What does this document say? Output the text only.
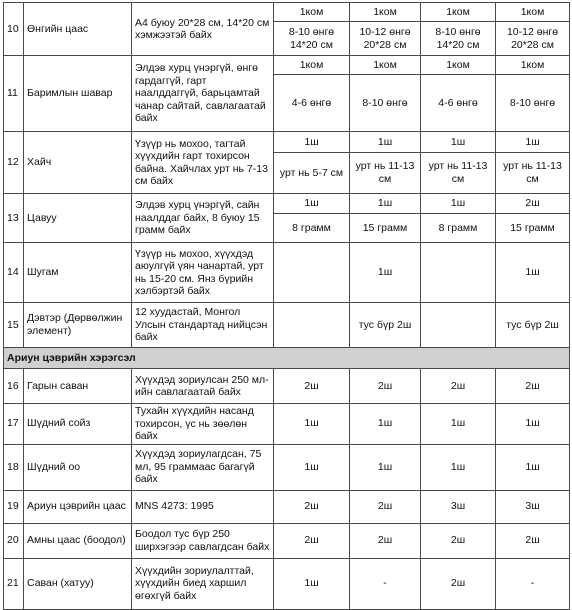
10	Өнгийн цаас	A4 буюу 20*28 см, 14*20 см хэмжээтэй байх	1ком	1ком	1ком	1ком
			8-10 өнгө 14*20 см	10-12 өнгө 20*28 см	8-10 өнгө 14*20 см	10-12 өнгө 20*28 см
11	Баримлын шавар	Элдэв хурц үнэргүй, өнгө гардаггүй, гарт наалддаггүй, барьцамтай чанар сайтай, савлагаатай байх	1ком	1ком	1ком	1ком
			4-6 өнгө	8-10 өнгө	4-6 өнгө	8-10 өнгө
12	Хайч	Үзүүр нь мохоо, тагтай хүүхдийн гарт тохирсон байна. Хайчлах урт нь 7-13 см байх	1ш	1ш	1ш	1ш
			урт нь 5-7 см	урт нь 11-13 см	урт нь 11-13 см	урт нь 11-13 см
13	Цавуу	Элдэв хурц үнэргүй, сайн наалддаг байх, 8 буюу 15 грамм байх	1ш	1ш	1ш	2ш
			8 грамм	15 грамм	8 грамм	15 грамм
14	Шугам	Үзүүр нь мохоо, хүүхдэд аюулгүй үян чанартай, урт нь 15-20 см. Янз бүрийн хэлбэртэй байх		1ш		1ш
15	Дэвтэр (Дөрвөлжин элемент)	12 хуудастай, Монгол Улсын стандартад нийцсэн байх		тус бүр 2ш		тус бүр 2ш
Ариун цэврийн хэрэгсэл						
16	Гарын саван	Хүүхдэд зориулсан 250 мл-ийн савлагаатай байх	2ш	2ш	2ш	2ш
17	Шүдний сойз	Тухайн хүүхдийн насанд тохирсон, үс нь зөөлөн байх	1ш	1ш	1ш	1ш
18	Шүдний оо	Хүүхдэд зориулагдсан, 75 мл, 95 граммаас багагүй байх	1ш	1ш	1ш	1ш
19	Ариун цэврийн цаас	MNS 4273: 1995	2ш	2ш	3ш	3ш
20	Амны цаас (боодол)	Боодол тус бүр 250 ширхэгээр савлагдсан байх	2ш	2ш	2ш	2ш
21	Саван (хатуу)	Хүүхдийн зориулалттай, хүүхдийн биед харшил өгөхгүй байх	1ш	-	2ш	-
